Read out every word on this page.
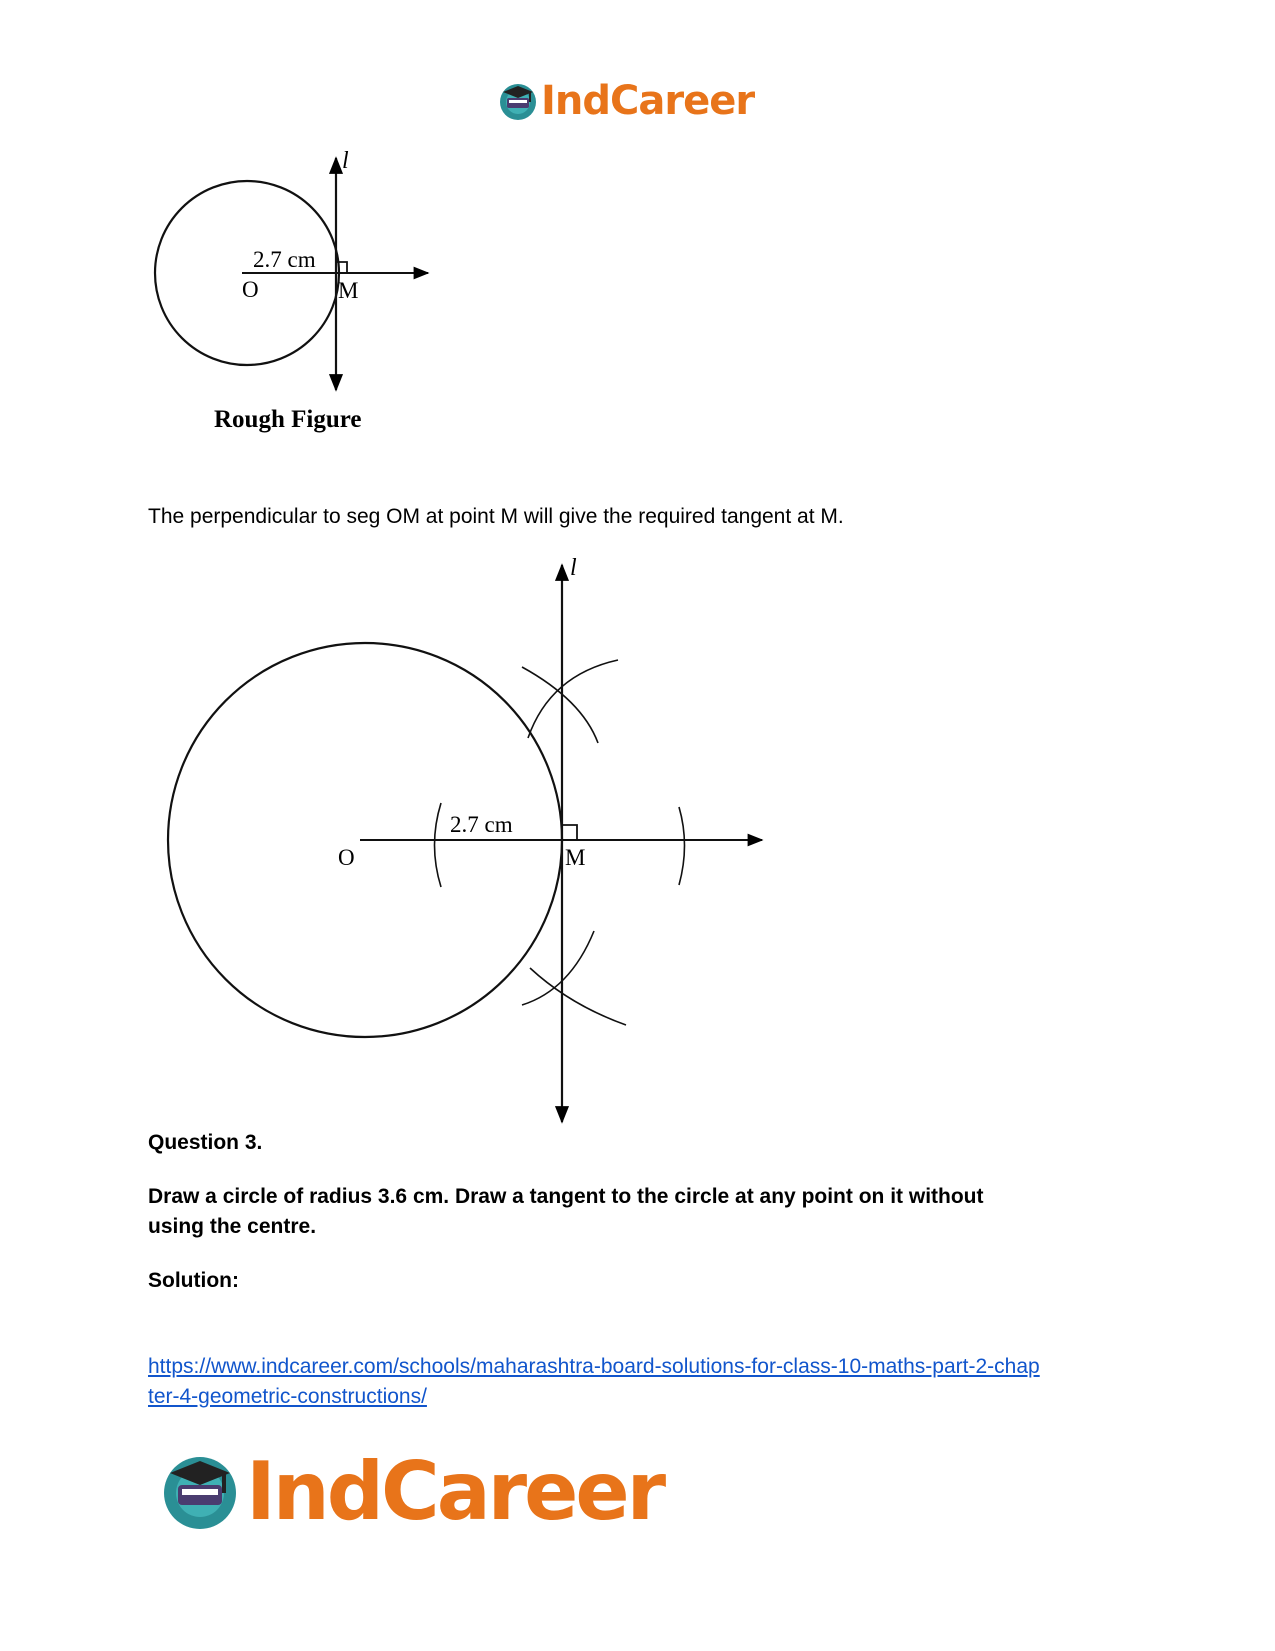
IndCareer
l
2.7 cm
O	M
Rough Figure
The perpendicular to seg OM at point M will give the required tangent at M.
l
2.7 cm
O	M
Question 3.
Draw a circle of radius 3.6 cm. Draw a tangent to the circle at any point on it without
using the centre.
Solution:
https://www.indcareer.com/schools/maharashtra-board-solutions-for-class-10-maths-part-2-chap
ter-4-geometric-constructions/
IndCareer
